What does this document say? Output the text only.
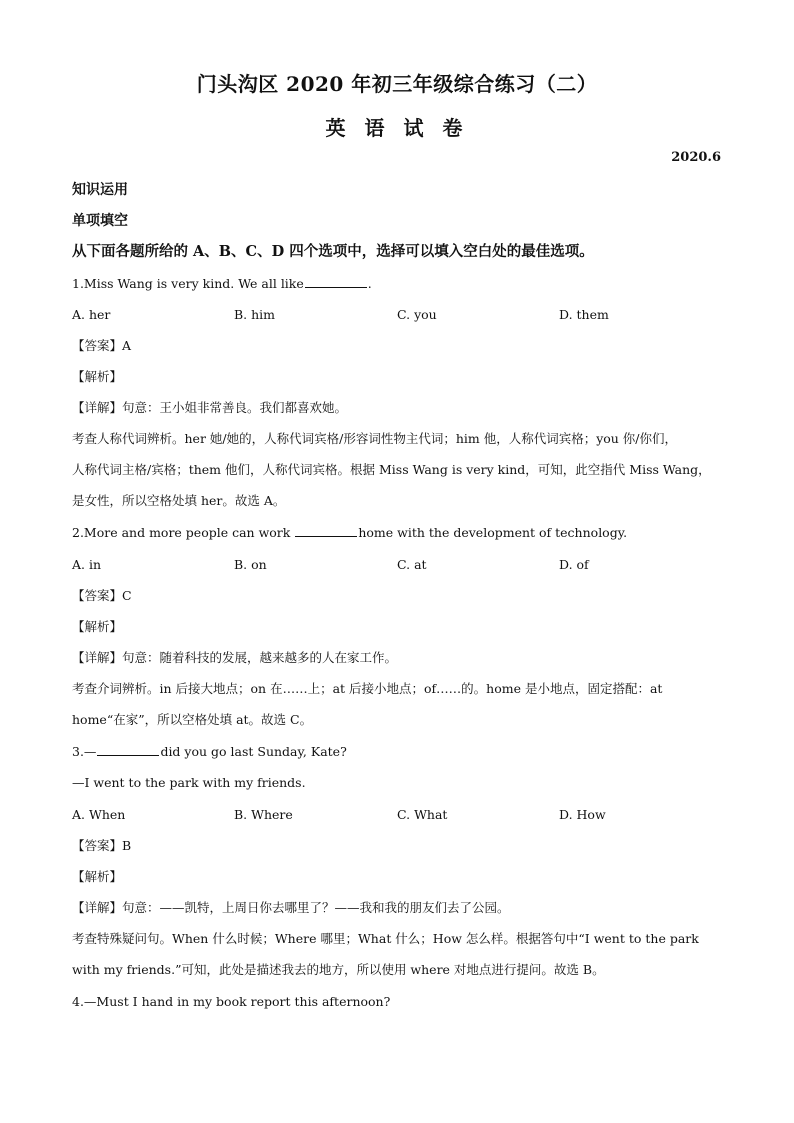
门头沟区 2020 年初三年级综合练习（二）
英 语 试 卷
2020.6
知识运用
单项填空
从下面各题所给的 A、B、C、D 四个选项中，选择可以填入空白处的最佳选项。
1.Miss Wang is very kind. We all like	.
A. her	B. him	C. you	D. them
【答案】A
【解析】
【详解】句意：王小姐非常善良。我们都喜欢她。
考查人称代词辨析。her 她/她的，人称代词宾格/形容词性物主代词；him 他，人称代词宾格；you 你/你们，
人称代词主格/宾格；them 他们，人称代词宾格。根据 Miss Wang is very kind，可知，此空指代 Miss Wang，
是女性，所以空格处填 her。故选 A。
2.More and more people can work	home with the development of technology.
A. in	B. on	C. at	D. of
【答案】C
【解析】
【详解】句意：随着科技的发展，越来越多的人在家工作。
考查介词辨析。in 后接大地点；on 在……上；at 后接小地点；of……的。home 是小地点，固定搭配：at
home“在家”，所以空格处填 at。故选 C。
3.—	did you go last Sunday, Kate?
—I went to the park with my friends.
A. When	B. Where	C. What	D. How
【答案】B
【解析】
【详解】句意：——凯特，上周日你去哪里了？——我和我的朋友们去了公园。
考查特殊疑问句。When 什么时候；Where 哪里；What 什么；How 怎么样。根据答句中“I went to the park
with my friends.”可知，此处是描述我去的地方，所以使用 where 对地点进行提问。故选 B。
4.—Must I hand in my book report this afternoon?
